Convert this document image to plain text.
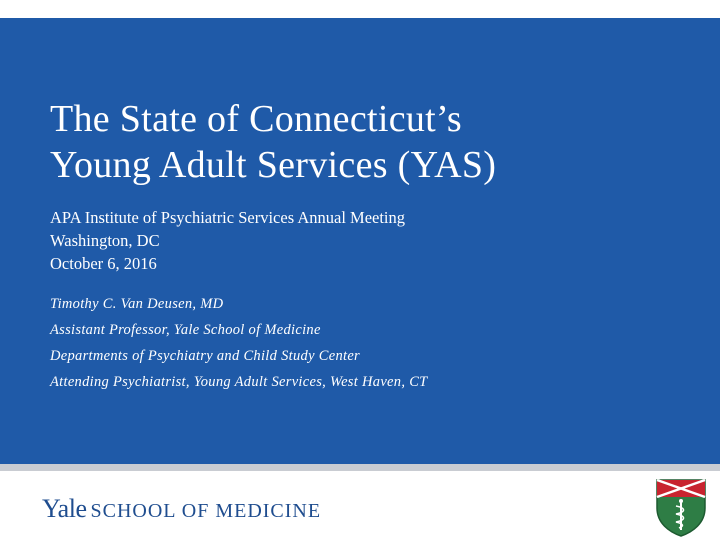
The State of Connecticut’s
Young Adult Services (YAS)
APA Institute of Psychiatric Services Annual Meeting
Washington, DC
October 6, 2016
Timothy C. Van Deusen, MD
Assistant Professor, Yale School of Medicine
Departments of Psychiatry and Child Study Center
Attending Psychiatrist, Young Adult Services, West Haven, CT
Yale SCHOOL OF MEDICINE
